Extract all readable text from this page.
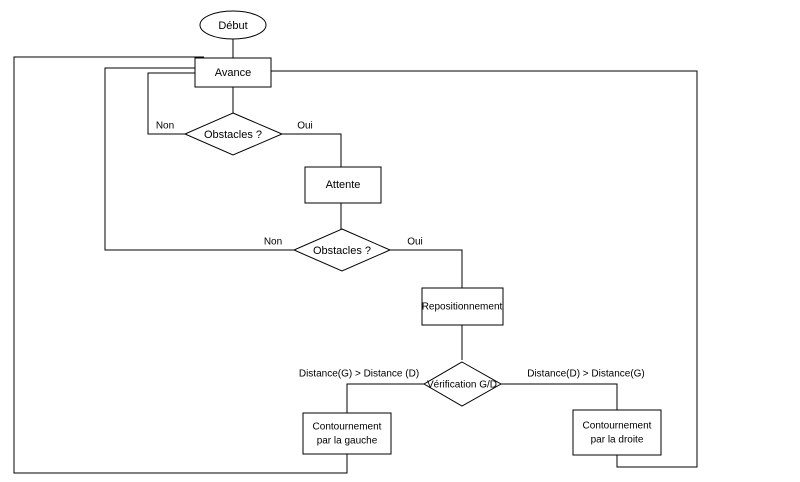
Début
Avance
Obstacles ?
Attente
Obstacles ?
Repositionnement
Vérification G/D
Contournement
par la gauche
Contournement
par la droite
Non	Oui
Non	Oui
Distance(G) > Distance (D)	Distance(D) > Distance(G)
